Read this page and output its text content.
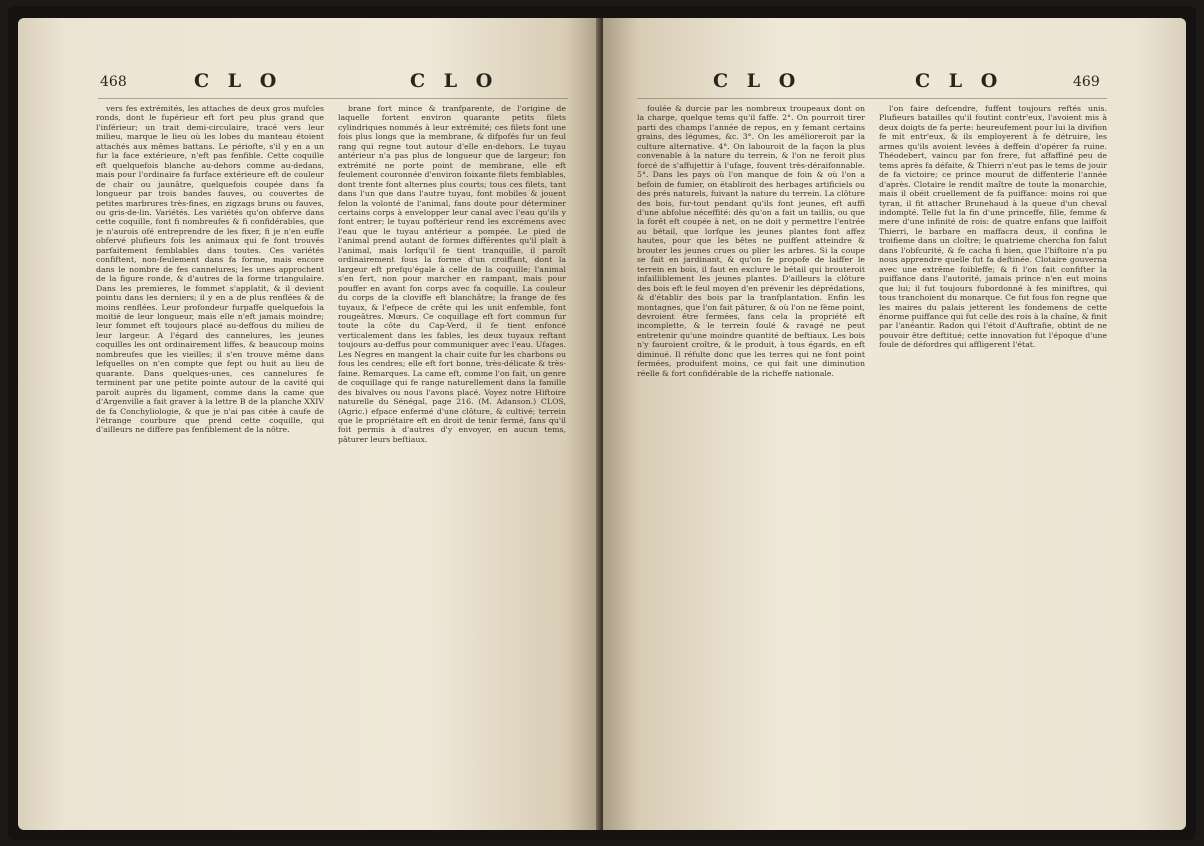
468	C L O	C L O

vers fes extrémités, les attaches de deux gros mufcles ronds, dont le fupérieur eft fort peu plus grand que l'inférieur; un trait demi-circulaire, tracé vers leur milieu, marque le lieu où les lobes du manteau étoient attachés aux mêmes battans. Le périofte, s'il y en a un fur la face extérieure, n'eft pas fenfible. Cette coquille eft quelquefois blanche au-dehors comme au-dedans, mais pour l'ordinaire fa furface extérieure eft de couleur de chair ou jaunâtre, quelquefois coupée dans fa longueur par trois bandes fauves, ou couvertes de petites marbrures très-fines, en zigzags bruns ou fauves, ou gris-de-lin. Variétés. Les variétés qu'on obferve dans cette coquille, font fi nombreufes & fi confidérables, que je n'aurois ofé entreprendre de les fixer, fi je n'en euffe obfervé plufieurs fois les animaux qui fe font trouvés parfaitement femblables dans toutes. Ces variétés confiftent, non-feulement dans fa forme, mais encore dans le nombre de fes cannelures; les unes approchent de la figure ronde, & d'autres de la forme triangulaire. Dans les premieres, le fommet s'applatit, & il devient pointu dans les derniers; il y en a de plus renflées & de moins renflées. Leur profondeur furpaffe quelquefois la moitié de leur longueur, mais elle n'eft jamais moindre; leur fommet eft toujours placé au-deffous du milieu de leur largeur. A l'égard des cannelures, les jeunes coquilles les ont ordinairement liffes, & beaucoup moins nombreufes que les vieilles; il s'en trouve même dans lefquelles on n'en compte que fept ou huit au lieu de quarante. Dans quelques-unes, ces cannelures fe terminent par une petite pointe autour de la cavité qui paroît auprès du ligament, comme dans la came que d'Argenville a fait graver à la lettre B de la planche XXIV de fa Conchyliologie, & que je n'ai pas citée à caufe de l'étrange courbure que prend cette coquille, qui d'ailleurs ne differe pas fenfiblement de la nôtre.

brane fort mince & tranfparente, de l'origine de laquelle fortent environ quarante petits filets cylindriques nommés à leur extrémité; ces filets font une fois plus longs que la membrane, & difpofés fur un feul rang qui regne tout autour d'elle en-dehors. Le tuyau antérieur n'a pas plus de longueur que de largeur; fon extrémité ne porte point de membrane, elle eft feulement couronnée d'environ foixante filets femblables, dont trente font alternes plus courts; tous ces filets, tant dans l'un que dans l'autre tuyau, font mobiles & jouent felon la volonté de l'animal, fans doute pour déterminer certains corps à envelopper leur canal avec l'eau qu'ils y font entrer; le tuyau poftérieur rend les excrémens avec l'eau que le tuyau antérieur a pompée. Le pied de l'animal prend autant de formes différentes qu'il plaît à l'animal, mais lorfqu'il fe tient tranquille, il paroît ordinairement fous la forme d'un croiffant, dont la largeur eft prefqu'égale à celle de la coquille; l'animal s'en fert, non pour marcher en rampant, mais pour pouffer en avant fon corps avec fa coquille. La couleur du corps de la cloviffe eft blanchâtre; la frange de fes tuyaux, & l'efpece de crête qui les unit enfemble, font rougeâtres. Mœurs. Ce coquillage eft fort commun fur toute la côte du Cap-Verd, il fe tient enfoncé verticalement dans les fables, les deux tuyaux reftant toujours au-deffus pour communiquer avec l'eau. Ufages. Les Negres en mangent la chair cuite fur les charbons ou fous les cendres; elle eft fort bonne, très-délicate & très-faine. Remarques. La came eft, comme l'on fait, un genre de coquillage qui fe range naturellement dans la famille des bivalves ou nous l'avons placé. Voyez notre Hiftoire naturelle du Sénégal, page 216. (M. Adanson.) CLOS, (Agric.) efpace enfermé d'une clôture, & cultivé; terrein que le propriétaire eft en droit de tenir fermé, fans qu'il foit permis à d'autres d'y envoyer, en aucun tems, pâturer leurs beftiaux.

C L O	C L O	469

foulée & durcie par les nombreux troupeaux dont on la charge, quelque tems qu'il faffe. 2°. On pourroit tirer parti des champs l'année de repos, en y femant certains grains, des légumes, &c. 3°. On les amélioreroit par la culture alternative. 4°. On labouroit de la façon la plus convenable à la nature du terrein, & l'on ne feroit plus forcé de s'affujettir à l'ufage, fouvent très-déraifonnable. 5°. Dans les pays où l'on manque de foin & où l'on a befoin de fumier, on établiroit des herbages artificiels ou des prés naturels, fuivant la nature du terrein. La clôture des bois, fur-tout pendant qu'ils font jeunes, eft auffi d'une abfolue néceffité: dès qu'on a fait un taillis, ou que la forêt eft coupée à net, on ne doit y permettre l'entrée au bétail, que lorfque les jeunes plantes font affez hautes, pour que les bêtes ne puiffent atteindre & brouter les jeunes crues ou plier les arbres. Si la coupe se fait en jardinant, & qu'on fe propofe de laiffer le terrein en bois, il faut en exclure le bétail qui brouteroit infailliblement les jeunes plantes. D'ailleurs la clôture des bois eft le feul moyen d'en prévenir les déprédations, & d'établir des bois par la tranfplantation. Enfin les montagnes, que l'on fait pâturer, & où l'on ne fème point, devroient être fermées, fans cela la propriété eft incomplette, & le terrein foulé & ravagé ne peut entretenir qu'une moindre quantité de beftiaux. Les bois n'y fauroient croître, & le produit, à tous égards, en eft diminué. Il réfulte donc que les terres qui ne font point fermées, produifent moins, ce qui fait une diminution réelle & fort confidérable de la richeffe nationale.

l'on faire defcendre, fuffent toujours reftés unis. Plufieurs batailles qu'il foutint contr'eux, l'avoient mis à deux doigts de fa perte: heureufement pour lui la divifion fe mit entr'eux, & ils employerent à fe détruire, les armes qu'ils avoient levées à deffein d'opérer fa ruine. Théodebert, vaincu par fon frere, fut affaffiné peu de tems après fa défaite, & Thierri n'eut pas le tems de jouir de fa victoire; ce prince mourut de diffenterie l'année d'après. Clotaire le rendit maître de toute la monarchie, mais il obéit cruellement de fa puiffance: moins roi que tyran, il fit attacher Brunehaud à la queue d'un cheval indompté. Telle fut la fin d'une princeffe, fille, femme & mere d'une infinité de rois: de quatre enfans que laiffoit Thierri, le barbare en maffacra deux, il confina le troifieme dans un cloître; le quatrieme chercha fon falut dans l'obfcurité, & fe cacha fi bien, que l'hiftoire n'a pu nous apprendre quelle fut fa deftinée. Clotaire gouverna avec une extrême foibleffe; & fi l'on fait confifter la puiffance dans l'autorité, jamais prince n'en eut moins que lui; il fut toujours fubordonné à fes miniftres, qui tous tranchoient du monarque. Ce fut fous fon regne que les maires du palais jetterent les fondemens de cette énorme puiffance qui fut celle des rois à la chaîne, & finit par l'anéantir. Radon qui l'étoit d'Auftrafie, obtint de ne pouvoir être deftitué; cette innovation fut l'époque d'une foule de défordres qui affligerent l'état.
